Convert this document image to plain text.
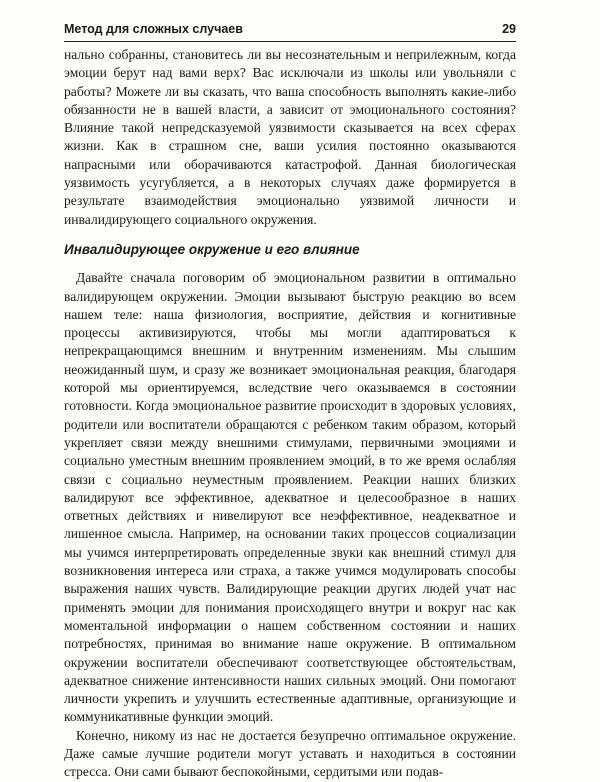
Метод для сложных случаев	29

нально собранны, становитесь ли вы несознательным и неприлежным, когда эмоции берут над вами верх? Вас исключали из школы или увольняли с работы? Можете ли вы сказать, что ваша способность выполнять какие-либо обязанности не в вашей власти, а зависит от эмоционального состояния? Влияние такой непредсказуемой уязвимости сказывается на всех сферах жизни. Как в страшном сне, ваши усилия постоянно оказываются напрасными или оборачиваются катастрофой. Данная биологическая уязвимость усугубляется, а в некоторых случаях даже формируется в результате взаимодействия эмоционально уязвимой личности и инвалидирующего социального окружения.

Инвалидирующее окружение и его влияние

Давайте сначала поговорим об эмоциональном развитии в оптимально валидирующем окружении. Эмоции вызывают быструю реакцию во всем нашем теле: наша физиология, восприятие, действия и когнитивные процессы активизируются, чтобы мы могли адаптироваться к непрекращающимся внешним и внутренним изменениям. Мы слышим неожиданный шум, и сразу же возникает эмоциональная реакция, благодаря которой мы ориентируемся, вследствие чего оказываемся в состоянии готовности. Когда эмоциональное развитие происходит в здоровых условиях, родители или воспитатели обращаются с ребенком таким образом, который укрепляет связи между внешними стимулами, первичными эмоциями и социально уместным внешним проявлением эмоций, в то же время ослабляя связи с социально неуместным проявлением. Реакции наших близких валидируют все эффективное, адекватное и целесообразное в наших ответных действиях и нивелируют все неэффективное, неадекватное и лишенное смысла. Например, на основании таких процессов социализации мы учимся интерпретировать определенные звуки как внешний стимул для возникновения интереса или страха, а также учимся модулировать способы выражения наших чувств. Валидирующие реакции других людей учат нас применять эмоции для понимания происходящего внутри и вокруг нас как моментальной информации о нашем собственном состоянии и наших потребностях, принимая во внимание наше окружение. В оптимальном окружении воспитатели обеспечивают соответствующее обстоятельствам, адекватное снижение интенсивности наших сильных эмоций. Они помогают личности укрепить и улучшить естественные адаптивные, организующие и коммуникативные функции эмоций.

Конечно, никому из нас не достается безупречно оптимальное окружение. Даже самые лучшие родители могут уставать и находиться в состоянии стресса. Они сами бывают беспокойными, сердитыми или подав-
